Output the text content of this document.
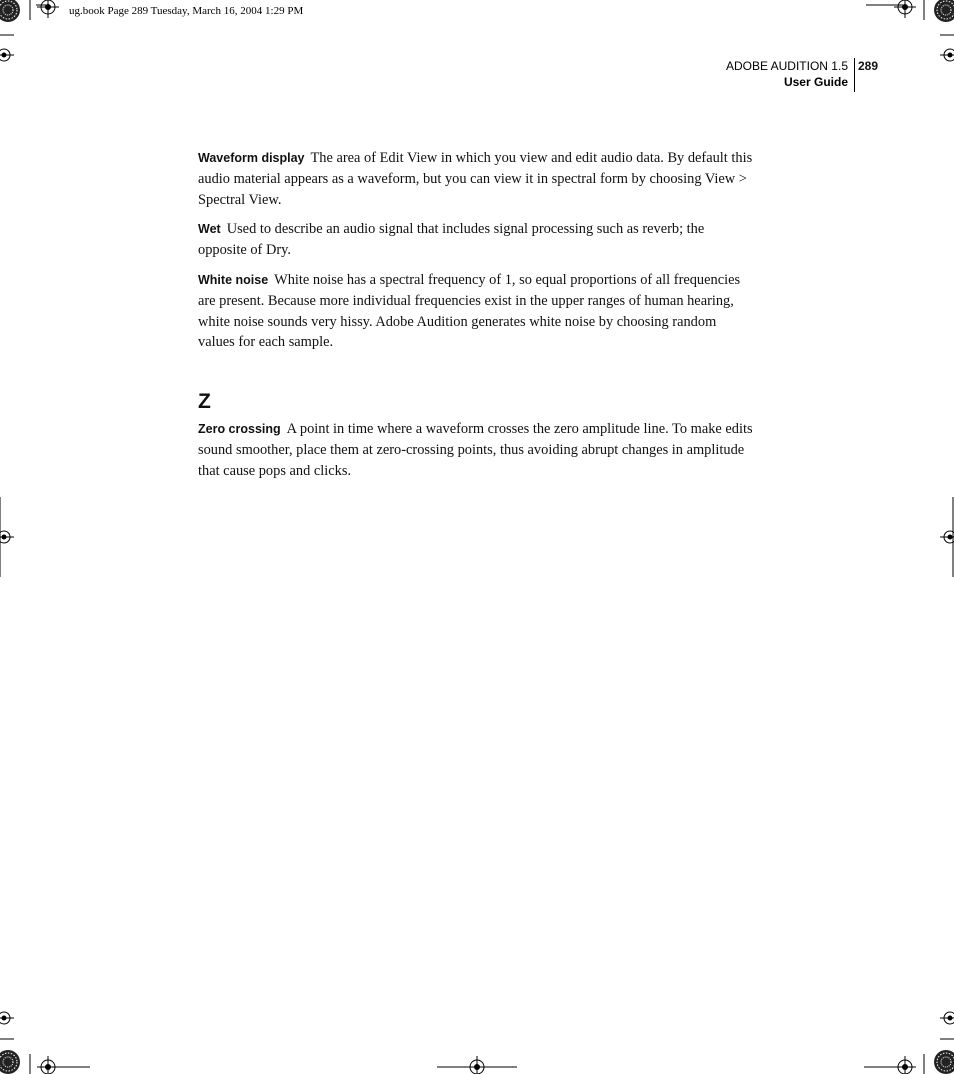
ug.book Page 289 Tuesday, March 16, 2004 1:29 PM
ADOBE AUDITION 1.5
User Guide
289

Waveform display The area of Edit View in which you view and edit audio data. By default this audio material appears as a waveform, but you can view it in spectral form by choosing View > Spectral View.

Wet Used to describe an audio signal that includes signal processing such as reverb; the opposite of Dry.

White noise White noise has a spectral frequency of 1, so equal proportions of all frequencies are present. Because more individual frequencies exist in the upper ranges of human hearing, white noise sounds very hissy. Adobe Audition generates white noise by choosing random values for each sample.

Z

Zero crossing A point in time where a waveform crosses the zero amplitude line. To make edits sound smoother, place them at zero-crossing points, thus avoiding abrupt changes in amplitude that cause pops and clicks.
